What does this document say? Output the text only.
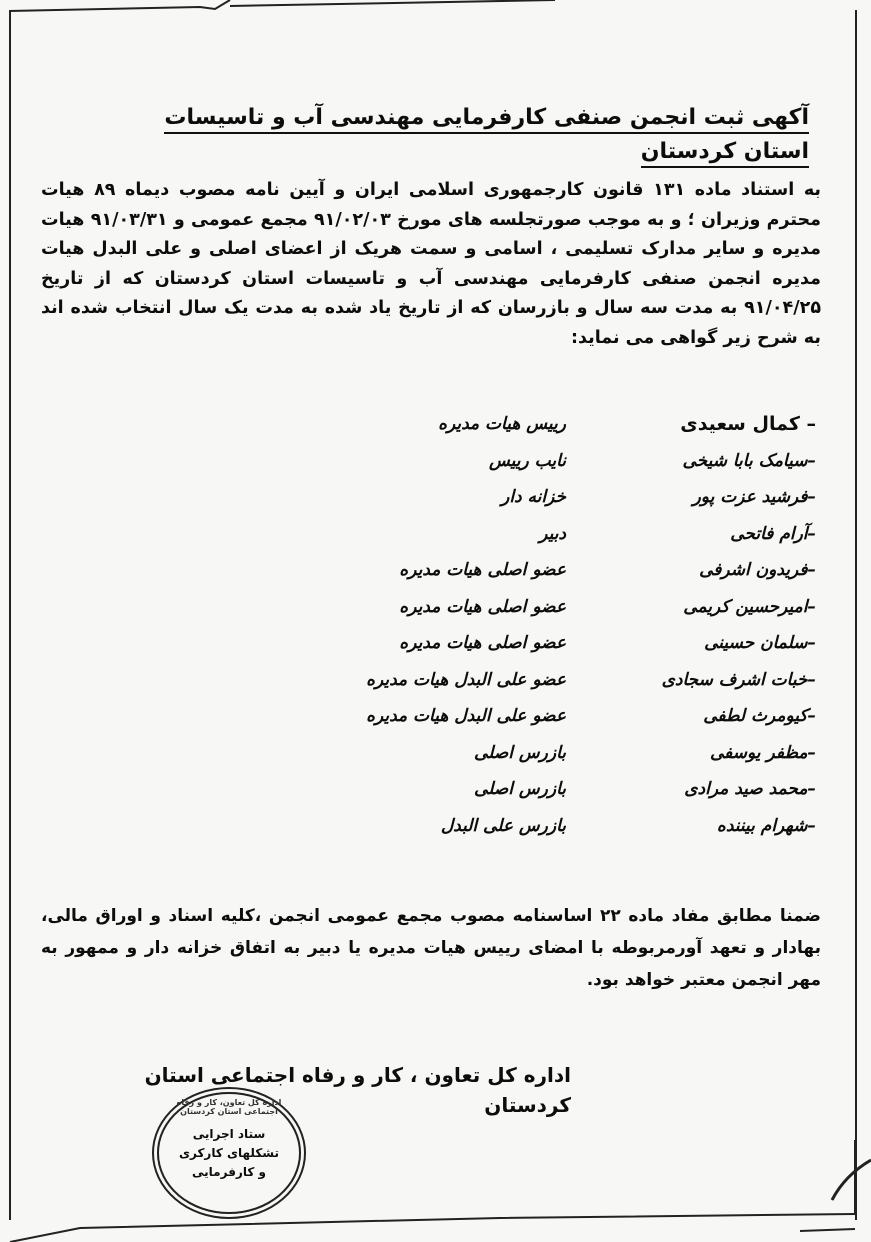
آکهی ثبت انجمن صنفی کارفرمایی مهندسی آب و تاسیسات استان کردستان
به استناد ماده ۱۳۱ قانون کارجمهوری اسلامی ایران و آیین نامه مصوب دیماه ۸۹ هیات محترم وزیران ؛ و به موجب صورتجلسه های مورخ ۹۱/۰۲/۰۳ مجمع عمومی و ۹۱/۰۳/۳۱ هیات مدیره و سایر مدارک تسلیمی ، اسامی و سمت هریک از اعضای اصلی و علی البدل هیات مدیره انجمن صنفی کارفرمایی مهندسی آب و تاسیسات استان کردستان که از تاریخ ۹۱/۰۴/۲۵ به مدت سه سال و بازرسان که از تاریخ یاد شده به مدت یک سال انتخاب شده اند به شرح زیر گواهی می نماید:
– کمال سعیدی
رییس هیات مدیره
–سیامک بابا شیخی
نایب رییس
–فرشید عزت پور
خزانه دار
–آرام فاتحی
دبیر
–فریدون اشرفی
عضو اصلی هیات مدیره
–امیرحسین کریمی
عضو اصلی هیات مدیره
–سلمان حسینی
عضو اصلی هیات مدیره
–خبات اشرف سجادی
عضو علی البدل هیات مدیره
–کیومرث لطفی
عضو علی البدل هیات مدیره
–مظفر یوسفی
بازرس اصلی
–محمد صید مرادی
بازرس اصلی
–شهرام بیننده
بازرس علی البدل
ضمنا مطابق مفاد ماده ۲۲ اساسنامه مصوب مجمع عمومی انجمن ،کلیه اسناد و اوراق مالی، بهادار و تعهد آورمربوطه با امضای رییس هیات مدیره یا دبیر به اتفاق خزانه دار و ممهور به مهر انجمن معتبر خواهد بود.
اداره کل تعاون ، کار و رفاه اجتماعی استان کردستان
اداره کل تعاون، کار و رفاه اجتماعی استان کردستان
ستاد اجرایی
تشکلهای کارکری
و کارفرمایی
